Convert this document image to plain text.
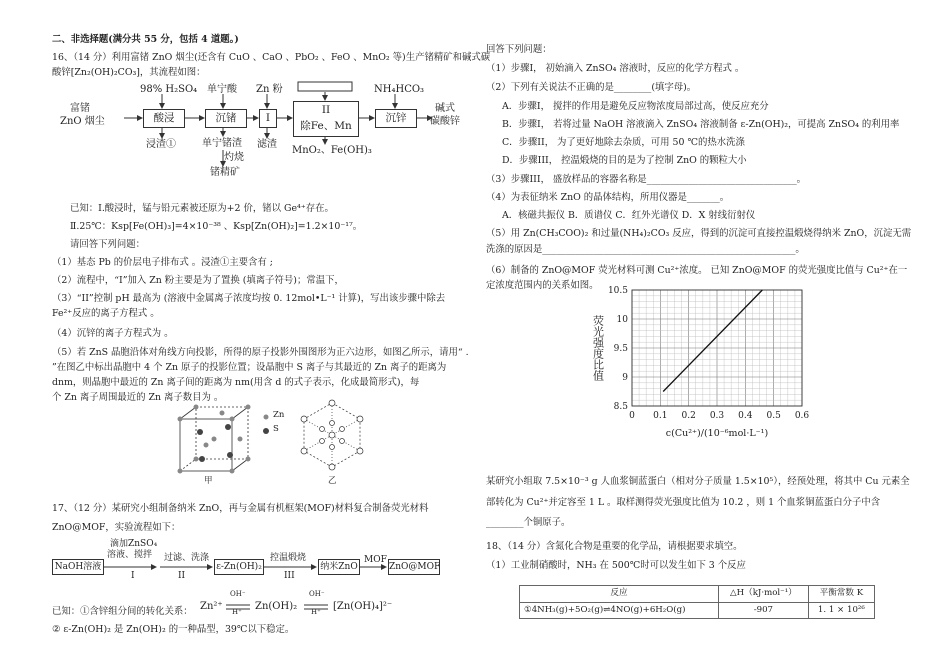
二、非选择题(满分共 55 分，包括 4 道题。)
16、（14 分）利用富锗 ZnO 烟尘(还含有 CuO 、CaO 、PbO₂ 、FeO 、MnO₂ 等)生产锗精矿和碱式碳
酸锌[Zn₂(OH)₂CO₃]，其流程如图：
富锗
ZnO 烟尘
98% H₂SO₄
酸浸
浸渣①
单宁酸
沉锗
单宁锗渣
灼烧
锗精矿
Zn 粉
I
滤渣
II
除Fe、Mn
MnO₂、Fe(OH)₃
NH₄HCO₃
沉锌
碱式
碳酸锌
已知：Ⅰ.酸浸时，锰与铅元素被还原为+2 价，锗以 Ge⁴⁺存在。
Ⅱ.25℃：Ksp[Fe(OH)₃]=4×10⁻³⁸ 、Ksp[Zn(OH)₂]=1.2×10⁻¹⁷。
请回答下列问题：
（1）基态 Pb 的价层电子排布式 。浸渣①主要含有 ;
（2）流程中，“I”加入 Zn 粉主要是为了置换 (填离子符号)；常温下，
（3）“II”控制 pH 最高为 (溶液中金属离子浓度均按 0. 12mol•L⁻¹ 计算)，写出该步骤中除去
Fe²⁺反应的离子方程式 。
（4）沉锌的离子方程式为 。
（5）若 ZnS 晶胞沿体对角线方向投影，所得的原子投影外围图形为正六边形，如图乙所示，请用“ .
”在图乙中标出晶胞中 4 个 Zn 原子的投影位置；设晶胞中 S 离子与其最近的 Zn 离子的距离为
dnm，则晶胞中最近的 Zn 离子间的距离为 nm(用含 d 的式子表示，化成最简形式)，每
个 Zn 离子周围最近的 Zn 离子数目为 。
Zn
S
甲	乙
17、（12 分）某研究小组制备纳米 ZnO，再与金属有机框架(MOF)材料复合制备荧光材料
ZnO@MOF，实验流程如下：
NaOH溶液
滴加ZnSO₄
溶液、搅拌
I
过滤、洗涤
II
ε-Zn(OH)₂
控温煅烧
III
纳米ZnO
MOF
ZnO@MOF
已知：①含锌组分间的转化关系： Zn²⁺
OH⁻
H⁺ Zn(OH)₂
OH⁻
H⁺ [Zn(OH)₄]²⁻
② ε-Zn(OH)₂ 是 Zn(OH)₂ 的一种晶型，39℃以下稳定。
回答下列问题：
（1）步骤I， 初始滴入 ZnSO₄ 溶液时，反应的化学方程式 。
（2）下列有关说法不正确的是________(填字母)。
A．步骤I， 搅拌的作用是避免反应物浓度局部过高，使反应充分
B．步骤I， 若将过量 NaOH 溶液滴入 ZnSO₄ 溶液制备 ε-Zn(OH)₂，可提高 ZnSO₄ 的利用率
C．步骤II， 为了更好地除去杂质，可用 50 ℃的热水洗涤
D．步骤III， 控温煅烧的目的是为了控制 ZnO 的颗粒大小
（3）步骤III， 盛放样品的容器名称是________________________________。
（4）为表征纳米 ZnO 的晶体结构，所用仪器是_______。
A．核磁共振仪 B．质谱仪 C．红外光谱仪 D．X 射线衍射仪
（5）用 Zn(CH₃COO)₂ 和过量(NH₄)₂CO₃ 反应，得到的沉淀可直接控温煅烧得纳米 ZnO，沉淀无需
洗涤的原因是______________________________________________________。
（6）制备的 ZnO@MOF 荧光材料可测 Cu²⁺浓度。 已知 ZnO@MOF 的荧光强度比值与 Cu²⁺在一
定浓度范围内的关系如图。
0 0.1 0.2 0.3 0.4 0.5 0.6
8.5
9
9.5
10
10.5
c(Cu²⁺)/(10⁻⁶mol·L⁻¹)
荧光强度比值
某研究小组取 7.5×10⁻³ g 人血浆铜蓝蛋白（相对分子质量 1.5×10⁵），经预处理，将其中 Cu 元素全
部转化为 Cu²⁺并定容至 1 L 。取样测得荧光强度比值为 10.2 ，则 1 个血浆铜蓝蛋白分子中含
________个铜原子。
18、（14 分）含氮化合物是重要的化学品，请根据要求填空。
（1）工业制硝酸时，NH₃ 在 500℃时可以发生如下 3 个反应
反应	△H（kJ·mol⁻¹）	平衡常数 K
①4NH₃(g)+5O₂(g)⇌4NO(g)+6H₂O(g)	-907	1. 1 × 10²⁶
